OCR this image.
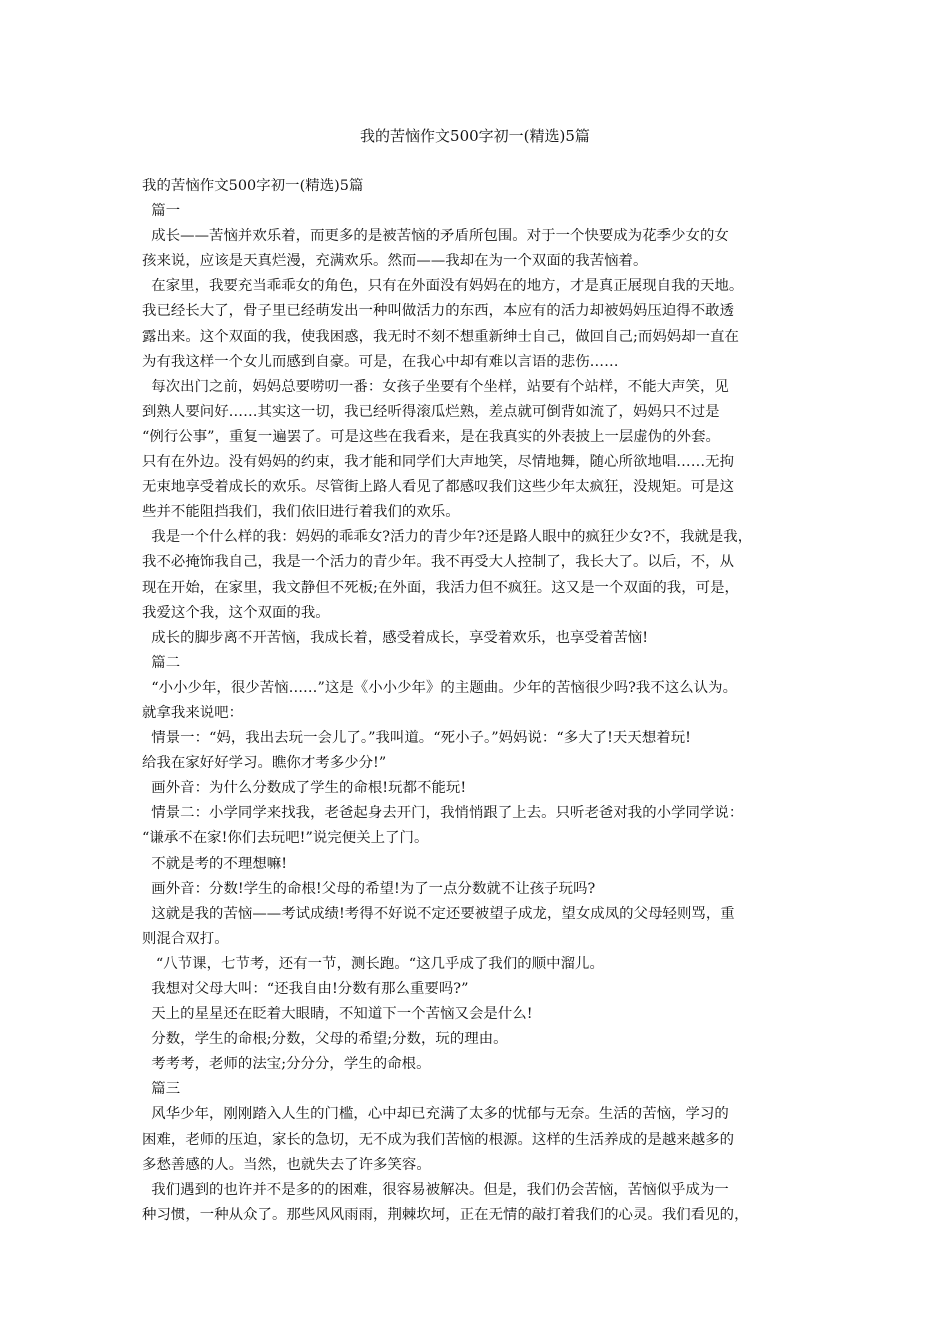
我的苦恼作文500字初一(精选)5篇
我的苦恼作文500字初一(精选)5篇
篇一
成长——苦恼并欢乐着，而更多的是被苦恼的矛盾所包围。对于一个快要成为花季少女的女
孩来说，应该是天真烂漫，充满欢乐。然而——我却在为一个双面的我苦恼着。
在家里，我要充当乖乖女的角色，只有在外面没有妈妈在的地方，才是真正展现自我的天地。
我已经长大了，骨子里已经萌发出一种叫做活力的东西，本应有的活力却被妈妈压迫得不敢透
露出来。这个双面的我，使我困惑，我无时不刻不想重新绅士自己，做回自己;而妈妈却一直在
为有我这样一个女儿而感到自豪。可是，在我心中却有难以言语的悲伤……
每次出门之前，妈妈总要唠叨一番：女孩子坐要有个坐样，站要有个站样，不能大声笑，见
到熟人要问好……其实这一切，我已经听得滚瓜烂熟，差点就可倒背如流了，妈妈只不过是
“例行公事”，重复一遍罢了。可是这些在我看来，是在我真实的外表披上一层虚伪的外套。
只有在外边。没有妈妈的约束，我才能和同学们大声地笑，尽情地舞，随心所欲地唱……无拘
无束地享受着成长的欢乐。尽管街上路人看见了都感叹我们这些少年太疯狂，没规矩。可是这
些并不能阻挡我们，我们依旧进行着我们的欢乐。
我是一个什么样的我：妈妈的乖乖女?活力的青少年?还是路人眼中的疯狂少女?不，我就是我，
我不必掩饰我自己，我是一个活力的青少年。我不再受大人控制了，我长大了。以后，不，从
现在开始，在家里，我文静但不死板;在外面，我活力但不疯狂。这又是一个双面的我，可是，
我爱这个我，这个双面的我。
成长的脚步离不开苦恼，我成长着，感受着成长，享受着欢乐，也享受着苦恼!
篇二
“小小少年，很少苦恼……”这是《小小少年》的主题曲。少年的苦恼很少吗?我不这么认为。
就拿我来说吧：
情景一：“妈，我出去玩一会儿了。”我叫道。“死小子。”妈妈说：“多大了!天天想着玩!
给我在家好好学习。瞧你才考多少分!”
画外音：为什么分数成了学生的命根!玩都不能玩!
情景二：小学同学来找我，老爸起身去开门，我悄悄跟了上去。只听老爸对我的小学同学说：
“谦承不在家!你们去玩吧!”说完便关上了门。
不就是考的不理想嘛!
画外音：分数!学生的命根!父母的希望!为了一点分数就不让孩子玩吗?
这就是我的苦恼——考试成绩!考得不好说不定还要被望子成龙，望女成凤的父母轻则骂，重
则混合双打。
“八节课，七节考，还有一节，测长跑。“这几乎成了我们的顺中溜儿。
我想对父母大叫：“还我自由!分数有那么重要吗?”
天上的星星还在眨着大眼睛，不知道下一个苦恼又会是什么!
分数，学生的命根;分数，父母的希望;分数，玩的理由。
考考考，老师的法宝;分分分，学生的命根。
篇三
风华少年，刚刚踏入人生的门槛，心中却已充满了太多的忧郁与无奈。生活的苦恼，学习的
困难，老师的压迫，家长的急切，无不成为我们苦恼的根源。这样的生活养成的是越来越多的
多愁善感的人。当然，也就失去了许多笑容。
我们遇到的也许并不是多的的困难，很容易被解决。但是，我们仍会苦恼，苦恼似乎成为一
种习惯，一种从众了。那些风风雨雨，荆棘坎坷，正在无情的敲打着我们的心灵。我们看见的，
